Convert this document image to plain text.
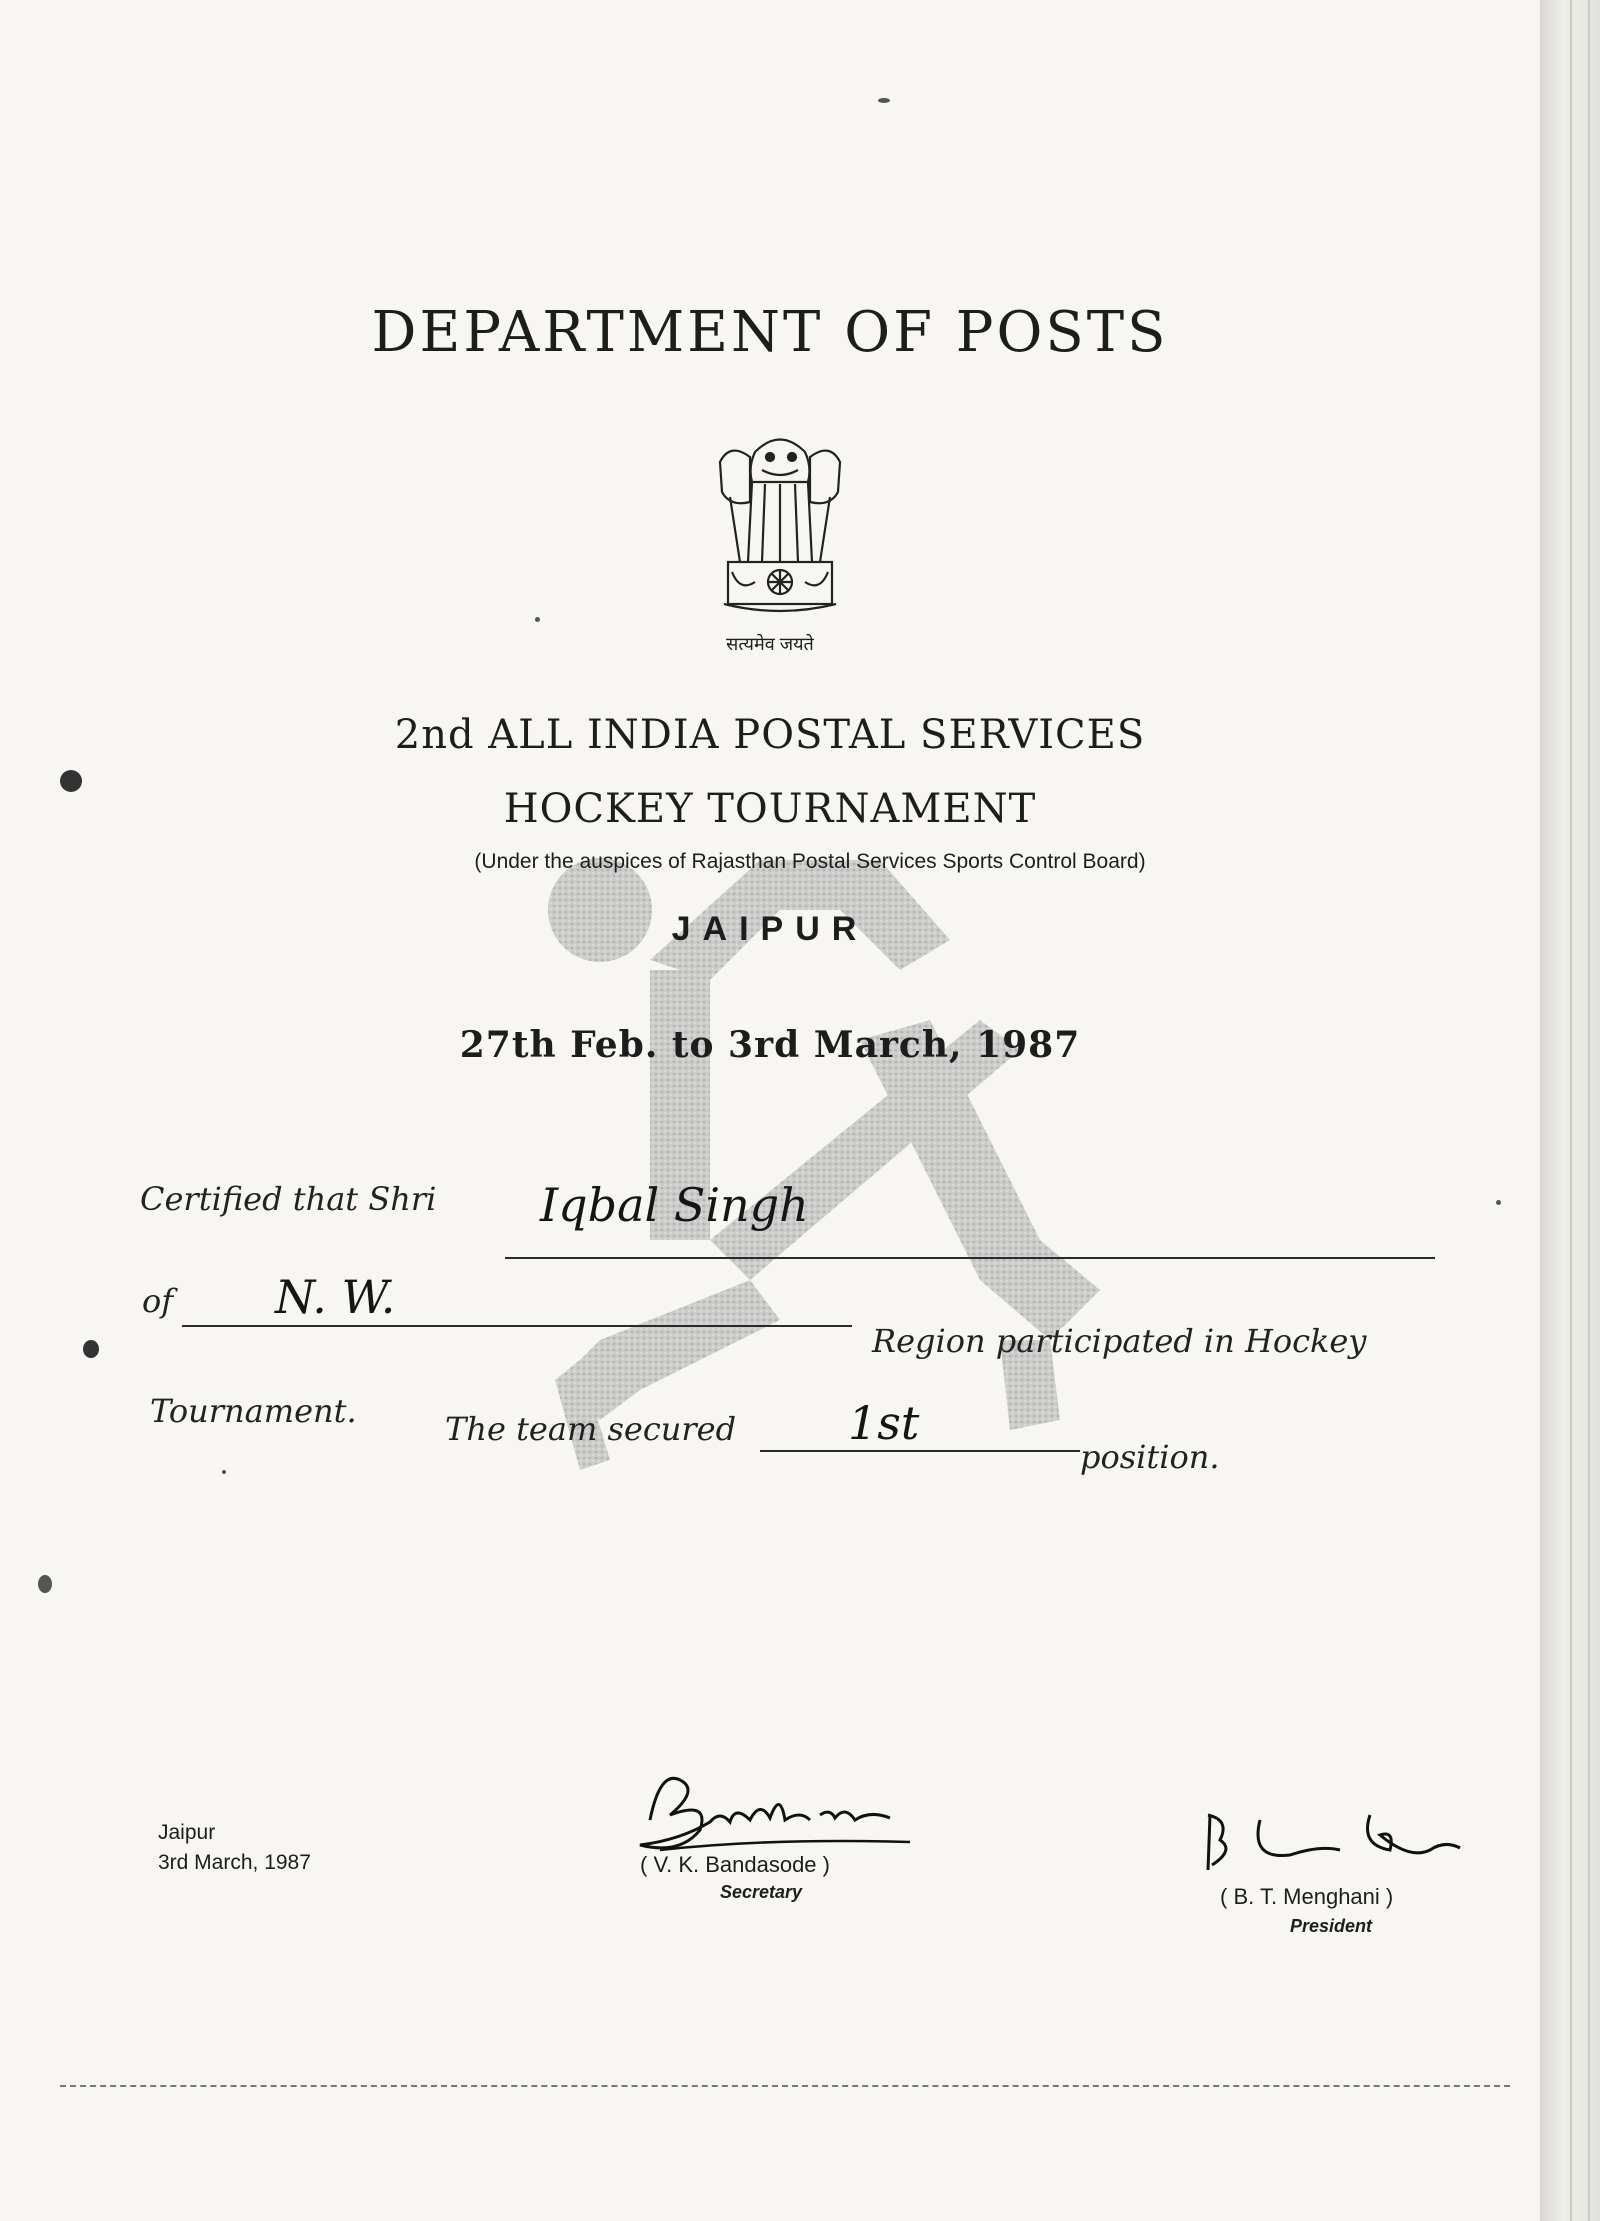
DEPARTMENT OF POSTS
सत्यमेव जयते
2nd ALL INDIA POSTAL SERVICES
HOCKEY TOURNAMENT
(Under the auspices of Rajasthan Postal Services Sports Control Board)
JAIPUR
27th Feb. to 3rd March, 1987
Certified that Shri Iqbal Singh
of N. W.
Region participated in Hockey
Tournament.	The team secured 1st
position.
Jaipur
3rd March, 1987	( V. K. Bandasode )
Secretary	( B. T. Menghani )
President
